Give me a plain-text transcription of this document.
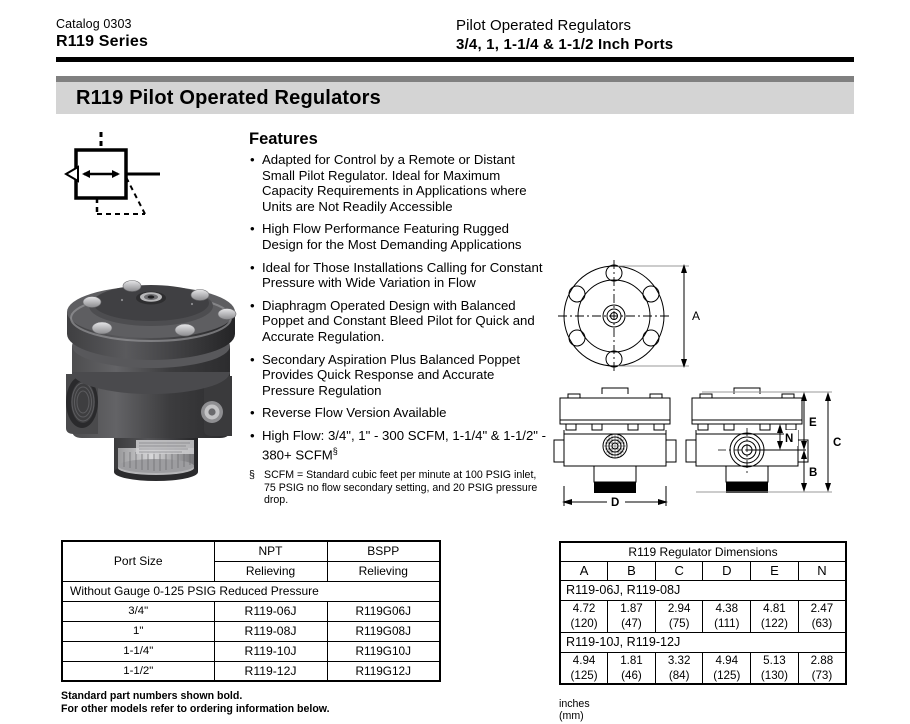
Catalog 0303
R119 Series
Pilot Operated Regulators
3/4, 1, 1-1/4 & 1-1/2 Inch Ports
R119 Pilot Operated Regulators
Features
• Adapted for Control by a Remote or Distant Small Pilot Regulator. Ideal for Maximum Capacity Requirements in Applications where Units are Not Readily Accessible
• High Flow Performance Featuring Rugged Design for the Most Demanding Applications
• Ideal for Those Installations Calling for Constant Pressure with Wide Variation in Flow
• Diaphragm Operated Design with Balanced Poppet and Constant Bleed Pilot for Quick and Accurate Regulation.
• Secondary Aspiration Plus Balanced Poppet Provides Quick Response and Accurate Pressure Regulation
• Reverse Flow Version Available
• High Flow: 3/4", 1" - 300 SCFM, 1-1/4" & 1-1/2" - 380+ SCFM§
§ SCFM = Standard cubic feet per minute at 100 PSIG inlet, 75 PSIG no flow secondary setting, and 20 PSIG pressure drop.
A
D
N
E
B
C
Port Size	NPT	BSPP
	Relieving	Relieving
Without Gauge 0-125 PSIG Reduced Pressure		
3/4"	R119-06J	R119G06J
1"	R119-08J	R119G08J
1-1/4"	R119-10J	R119G10J
1-1/2"	R119-12J	R119G12J
Standard part numbers shown bold.
For other models refer to ordering information below.
R119 Regulator Dimensions					
A	B	C	D	E	N
R119-06J, R119-08J					
4.72	1.87	2.94	4.38	4.81	2.47
(120)	(47)	(75)	(111)	(122)	(63)
R119-10J, R119-12J					
4.94	1.81	3.32	4.94	5.13	2.88
(125)	(46)	(84)	(125)	(130)	(73)
inches
(mm)
